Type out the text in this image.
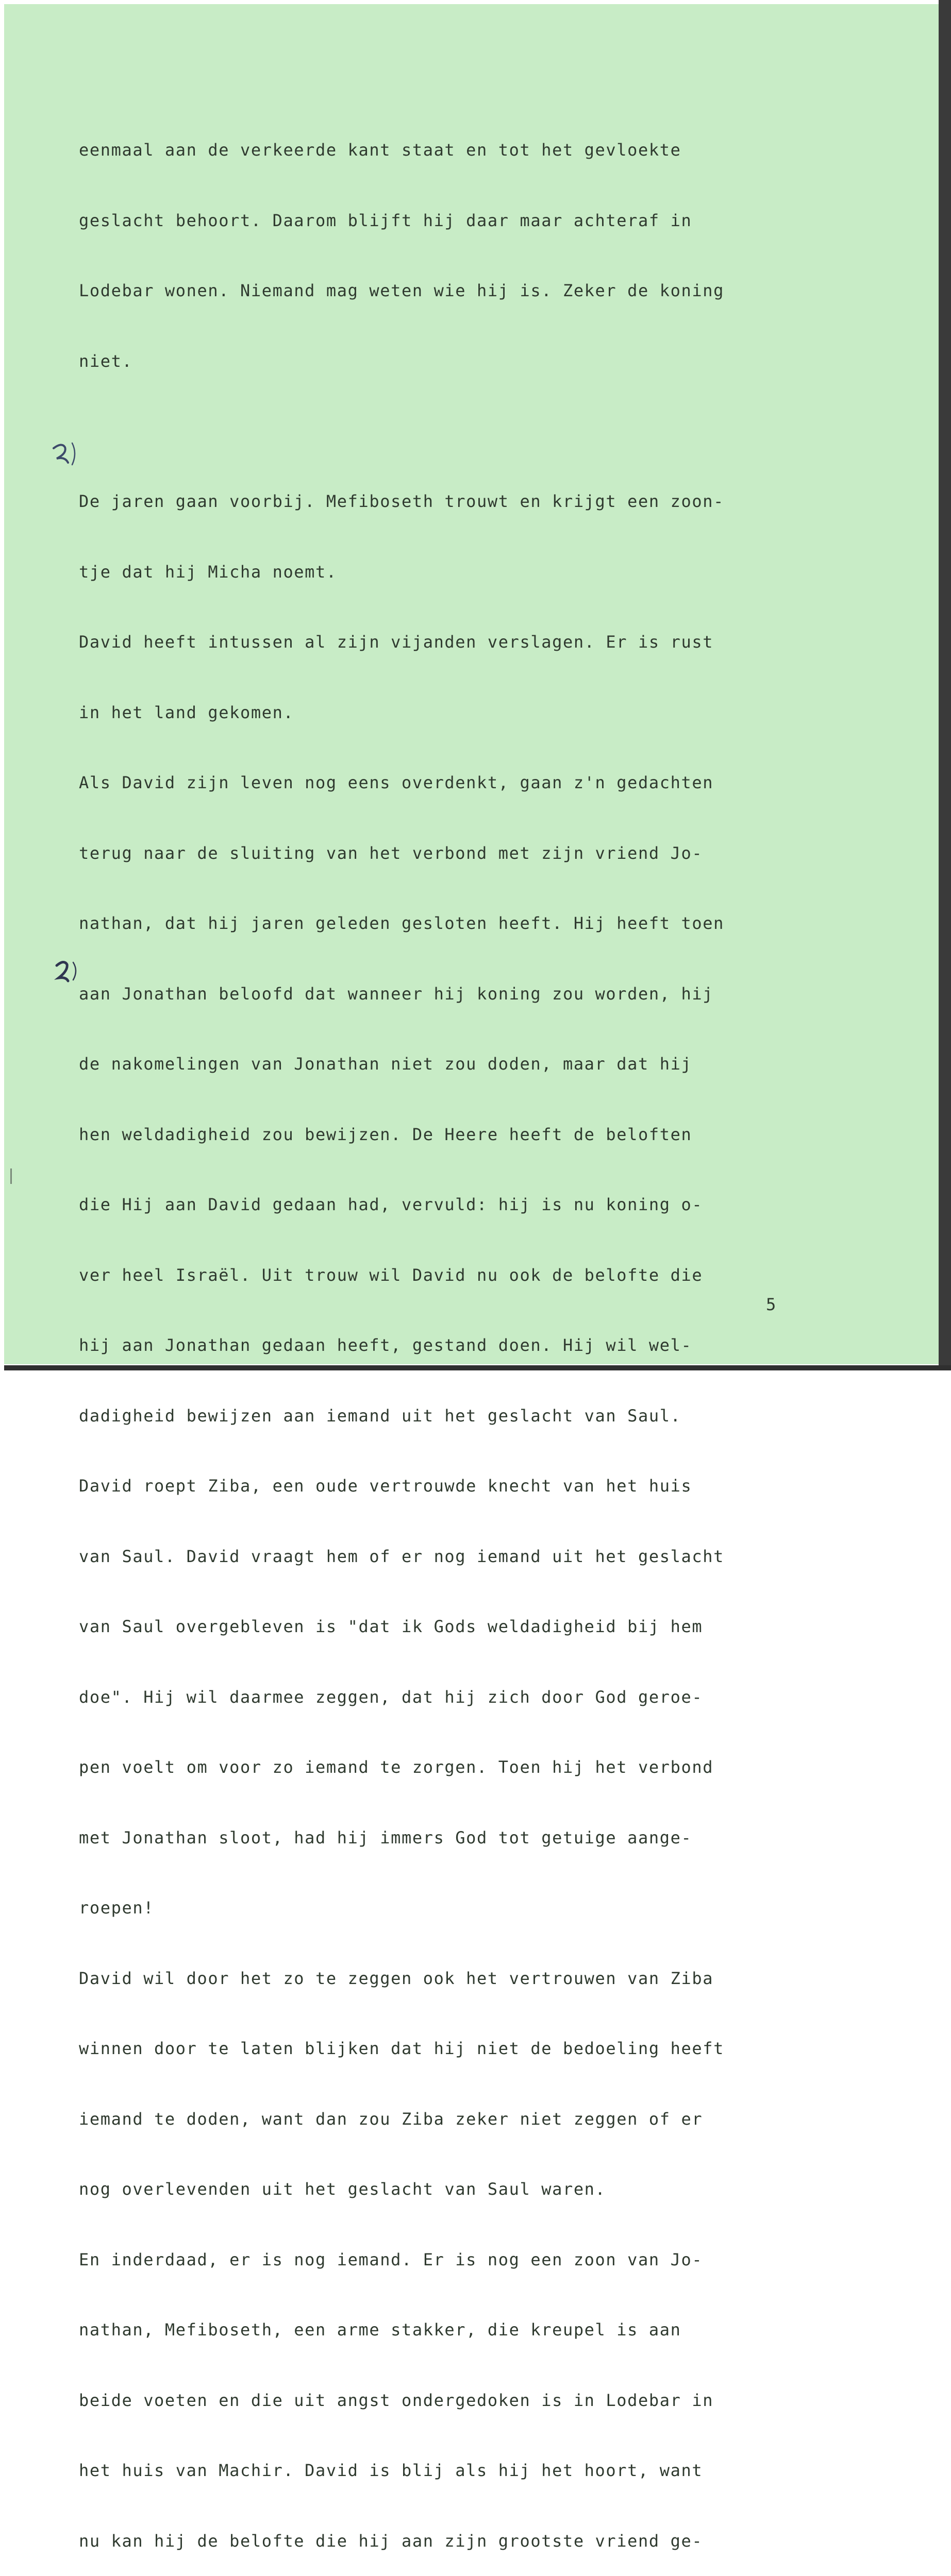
eenmaal aan de verkeerde kant staat en tot het gevloekte

geslacht behoort. Daarom blijft hij daar maar achteraf in

Lodebar wonen. Niemand mag weten wie hij is. Zeker de koning

niet.

De jaren gaan voorbij. Mefiboseth trouwt en krijgt een zoon-

tje dat hij Micha noemt.

David heeft intussen al zijn vijanden verslagen. Er is rust

in het land gekomen.

Als David zijn leven nog eens overdenkt, gaan z'n gedachten

terug naar de sluiting van het verbond met zijn vriend Jo-

nathan, dat hij jaren geleden gesloten heeft. Hij heeft toen

aan Jonathan beloofd dat wanneer hij koning zou worden, hij

de nakomelingen van Jonathan niet zou doden, maar dat hij

hen weldadigheid zou bewijzen. De Heere heeft de beloften

die Hij aan David gedaan had, vervuld: hij is nu koning o-

ver heel Israël. Uit trouw wil David nu ook de belofte die

hij aan Jonathan gedaan heeft, gestand doen. Hij wil wel-

dadigheid bewijzen aan iemand uit het geslacht van Saul.

David roept Ziba, een oude vertrouwde knecht van het huis

van Saul. David vraagt hem of er nog iemand uit het geslacht

van Saul overgebleven is "dat ik Gods weldadigheid bij hem

doe". Hij wil daarmee zeggen, dat hij zich door God geroe-

pen voelt om voor zo iemand te zorgen. Toen hij het verbond

met Jonathan sloot, had hij immers God tot getuige aange-

roepen!

David wil door het zo te zeggen ook het vertrouwen van Ziba

winnen door te laten blijken dat hij niet de bedoeling heeft

iemand te doden, want dan zou Ziba zeker niet zeggen of er

nog overlevenden uit het geslacht van Saul waren.

En inderdaad, er is nog iemand. Er is nog een zoon van Jo-

nathan, Mefiboseth, een arme stakker, die kreupel is aan

beide voeten en die uit angst ondergedoken is in Lodebar in

het huis van Machir. David is blij als hij het hoort, want

nu kan hij de belofte die hij aan zijn grootste vriend ge-

5
